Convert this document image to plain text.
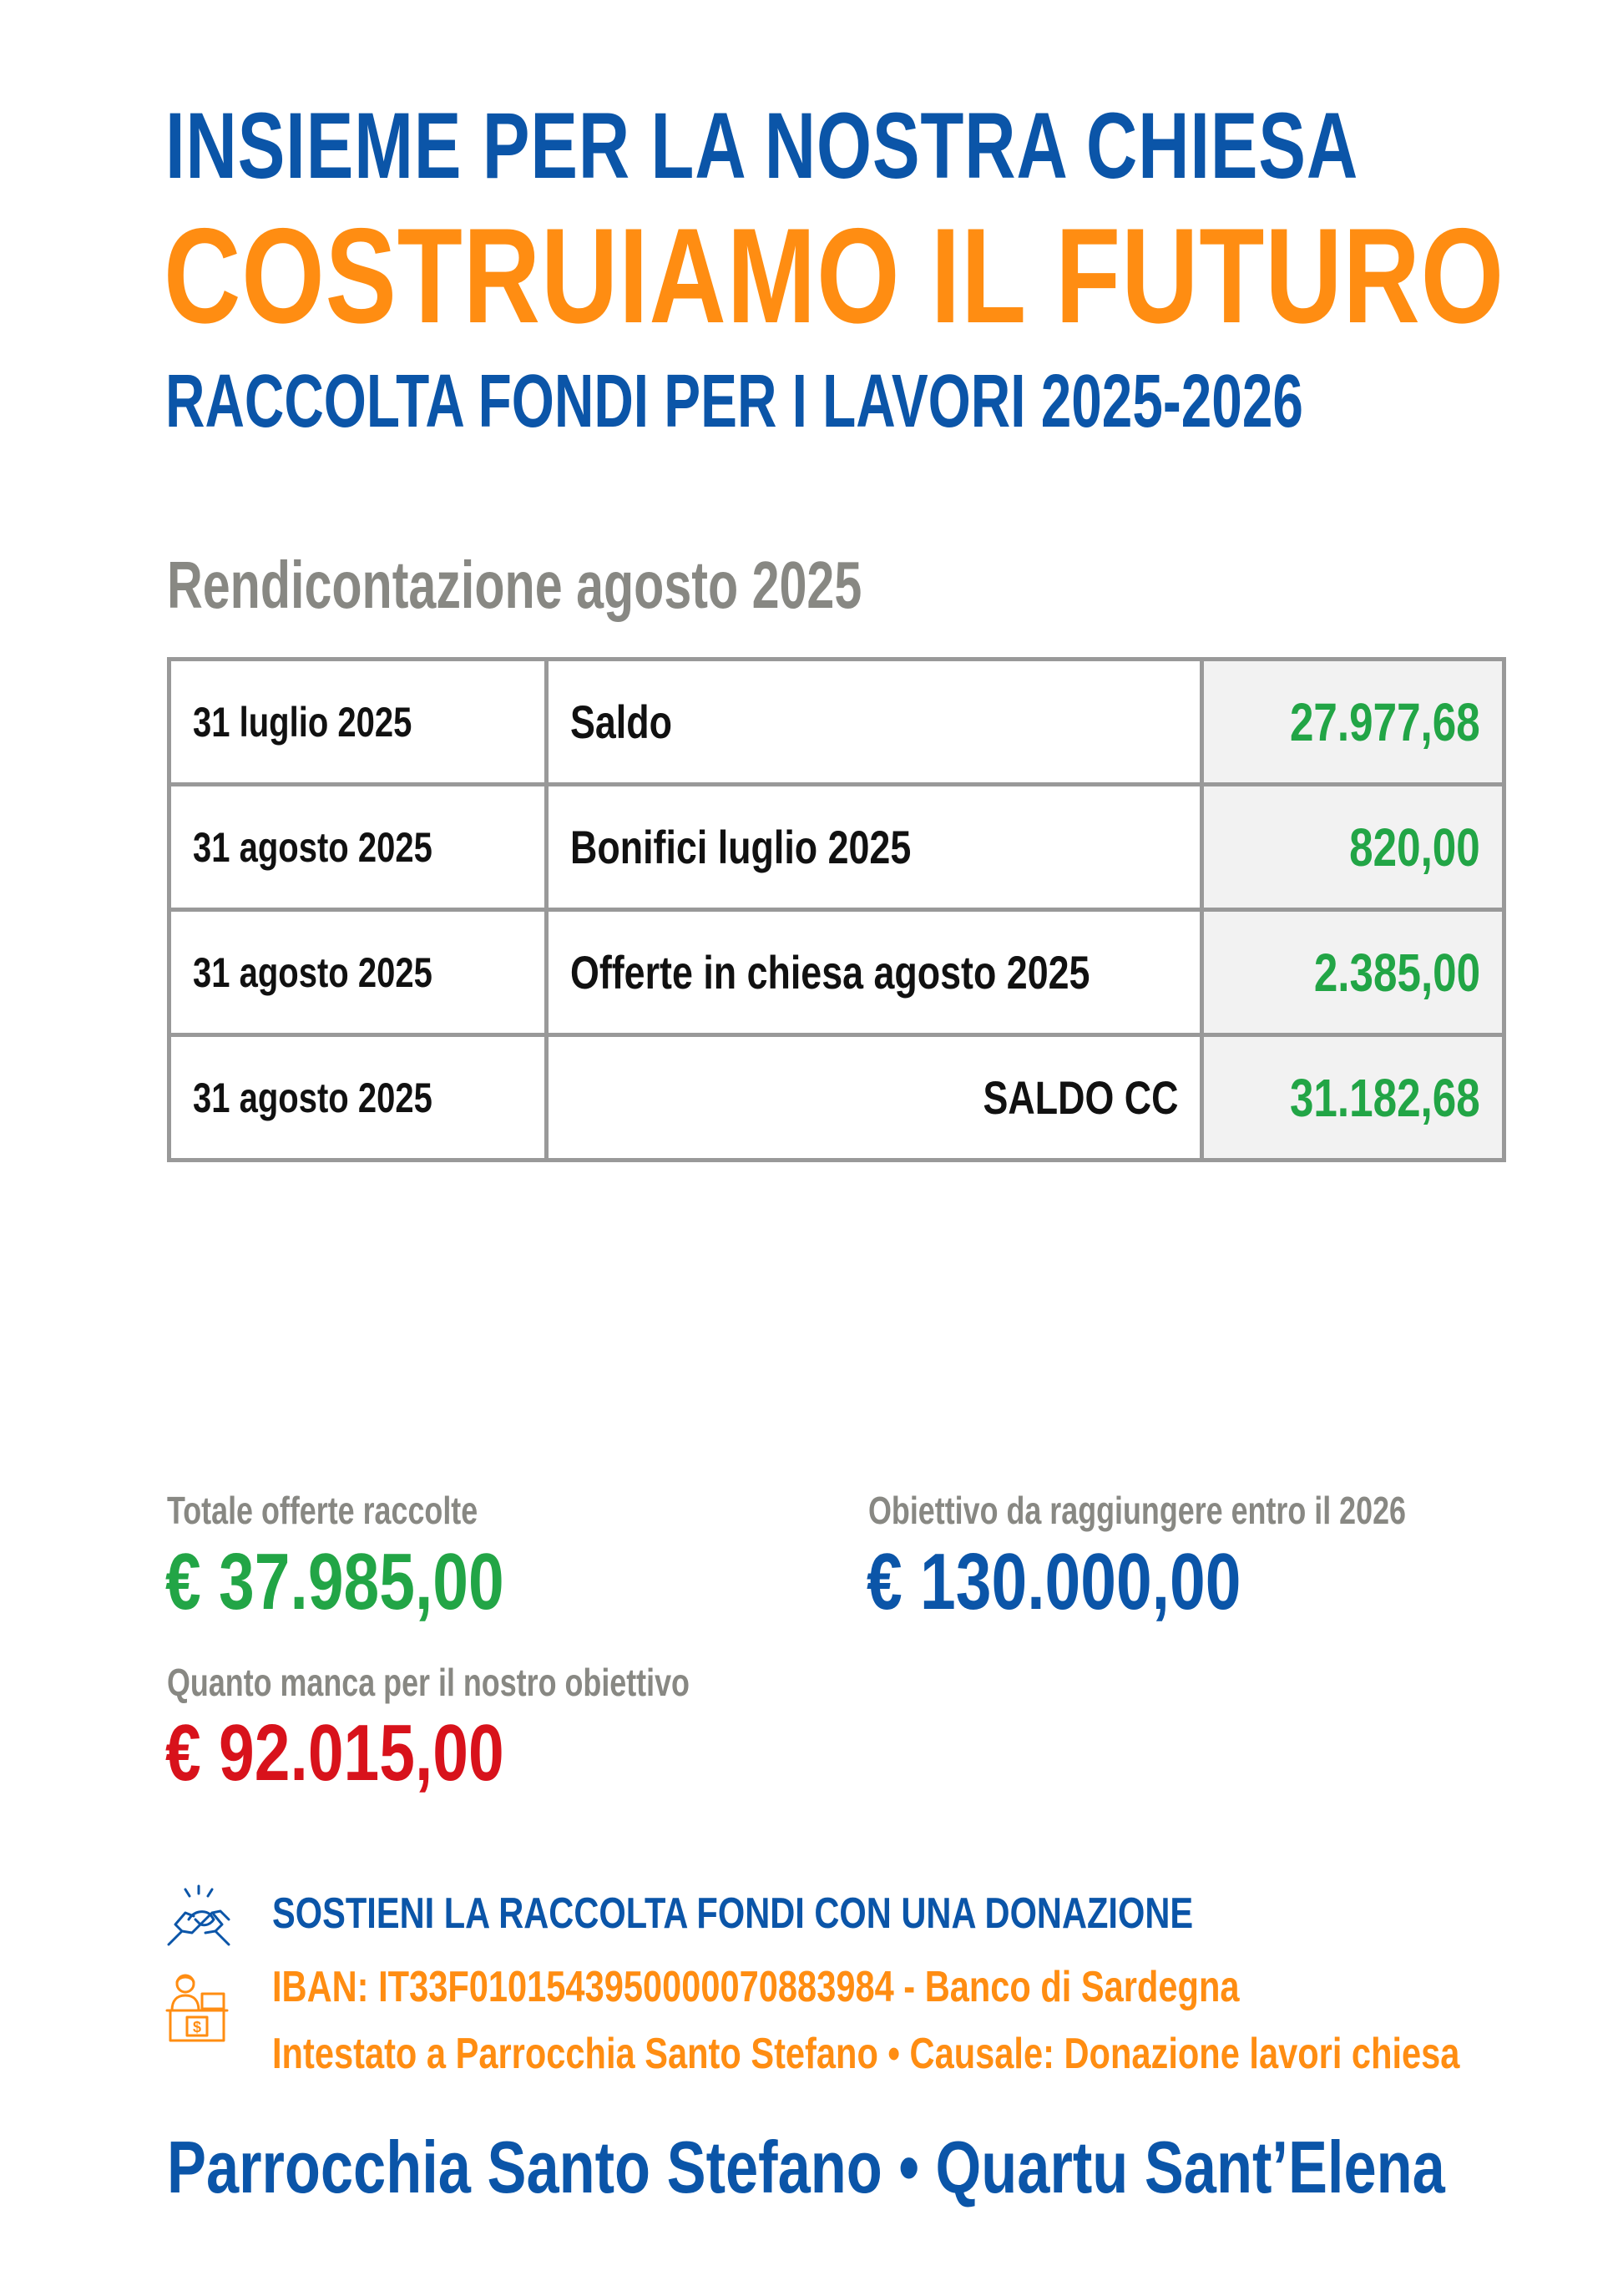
INSIEME PER LA NOSTRA CHIESA
COSTRUIAMO IL FUTURO
RACCOLTA FONDI PER I LAVORI 2025-2026
Rendicontazione agosto 2025
31 luglio 2025	Saldo	27.977,68
31 agosto 2025	Bonifici luglio 2025	820,00
31 agosto 2025	Offerte in chiesa agosto 2025	2.385,00
31 agosto 2025	SALDO CC	31.182,68
Totale offerte raccolte
€ 37.985,00
Obiettivo da raggiungere entro il 2026
€ 130.000,00
Quanto manca per il nostro obiettivo
€ 92.015,00
$
SOSTIENI LA RACCOLTA FONDI CON UNA DONAZIONE
IBAN: IT33F0101543950000070883984 - Banco di Sardegna
Intestato a Parrocchia Santo Stefano • Causale: Donazione lavori chiesa
Parrocchia Santo Stefano • Quartu Sant’Elena
